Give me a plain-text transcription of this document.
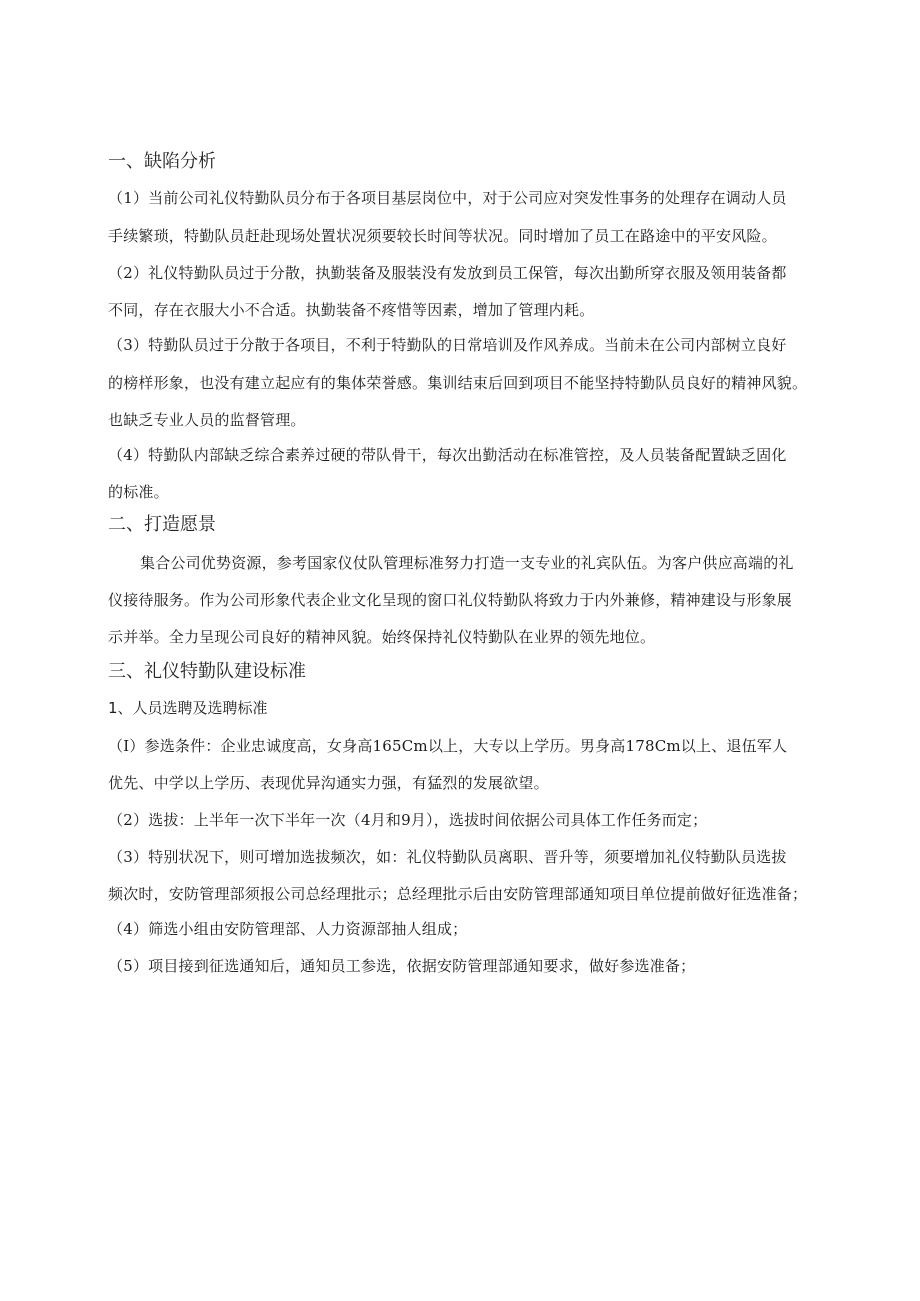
一、缺陷分析
（1）当前公司礼仪特勤队员分布于各项目基层岗位中，对于公司应对突发性事务的处理存在调动人员
手续繁琐，特勤队员赶赴现场处置状况须要较长时间等状况。同时增加了员工在路途中的平安风险。
（2）礼仪特勤队员过于分散，执勤装备及服装没有发放到员工保管，每次出勤所穿衣服及领用装备都
不同，存在衣服大小不合适。执勤装备不疼惜等因素，增加了管理内耗。
（3）特勤队员过于分散于各项目，不利于特勤队的日常培训及作风养成。当前未在公司内部树立良好
的榜样形象，也没有建立起应有的集体荣誉感。集训结束后回到项目不能坚持特勤队员良好的精神风貌。
也缺乏专业人员的监督管理。
（4）特勤队内部缺乏综合素养过硬的带队骨干，每次出勤活动在标准管控，及人员装备配置缺乏固化
的标准。
二、打造愿景
集合公司优势资源，参考国家仪仗队管理标准努力打造一支专业的礼宾队伍。为客户供应高端的礼
仪接待服务。作为公司形象代表企业文化呈现的窗口礼仪特勤队将致力于内外兼修，精神建设与形象展
示并举。全力呈现公司良好的精神风貌。始终保持礼仪特勤队在业界的领先地位。
三、礼仪特勤队建设标准
1、人员选聘及选聘标准
（I）参选条件：企业忠诚度高，女身高165Cm以上，大专以上学历。男身高178Cm以上、退伍军人
优先、中学以上学历、表现优异沟通实力强，有猛烈的发展欲望。
（2）选拔：上半年一次下半年一次（4月和9月），选拔时间依据公司具体工作任务而定；
（3）特别状况下，则可增加选拔频次，如：礼仪特勤队员离职、晋升等，须要增加礼仪特勤队员选拔
频次时，安防管理部须报公司总经理批示；总经理批示后由安防管理部通知项目单位提前做好征选准备；
（4）筛选小组由安防管理部、人力资源部抽人组成；
（5）项目接到征选通知后，通知员工参选，依据安防管理部通知要求，做好参选准备；
